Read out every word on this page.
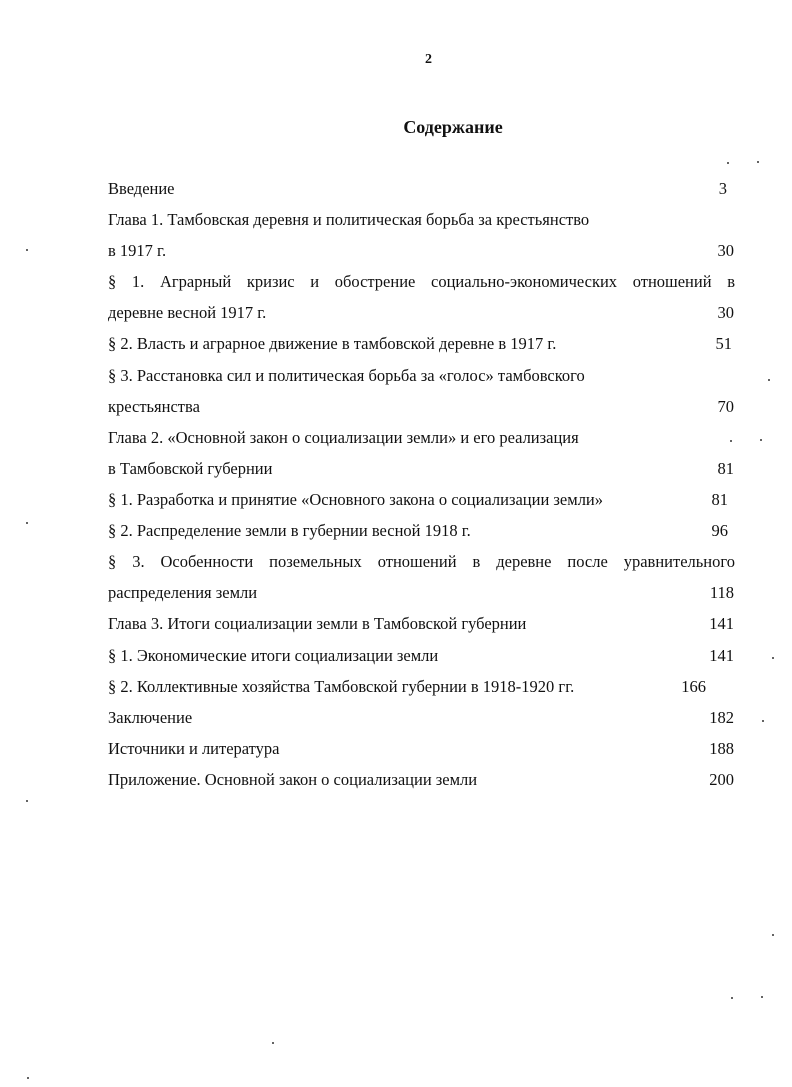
2
Содержание
Введение	3
Глава 1. Тамбовская деревня и политическая борьба за крестьянство
в 1917 г.	30
§ 1. Аграрный кризис и обострение социально-экономических отношений в
деревне весной 1917 г.	30
§ 2. Власть и аграрное движение в тамбовской деревне в 1917 г.	51
§ 3. Расстановка сил и политическая борьба за «голос» тамбовского
крестьянства	70
Глава 2. «Основной закон о социализации земли» и его реализация
в Тамбовской губернии	81
§ 1. Разработка и принятие «Основного закона о социализации земли»	81
§ 2. Распределение земли в губернии весной 1918 г.	96
§ 3. Особенности поземельных отношений в деревне после уравнительного
распределения земли	118
Глава 3. Итоги социализации земли в Тамбовской губернии	141
§ 1. Экономические итоги социализации земли	141
§ 2. Коллективные хозяйства Тамбовской губернии в 1918-1920 гг.	166
Заключение	182
Источники и литература	188
Приложение. Основной закон о социализации земли	200
